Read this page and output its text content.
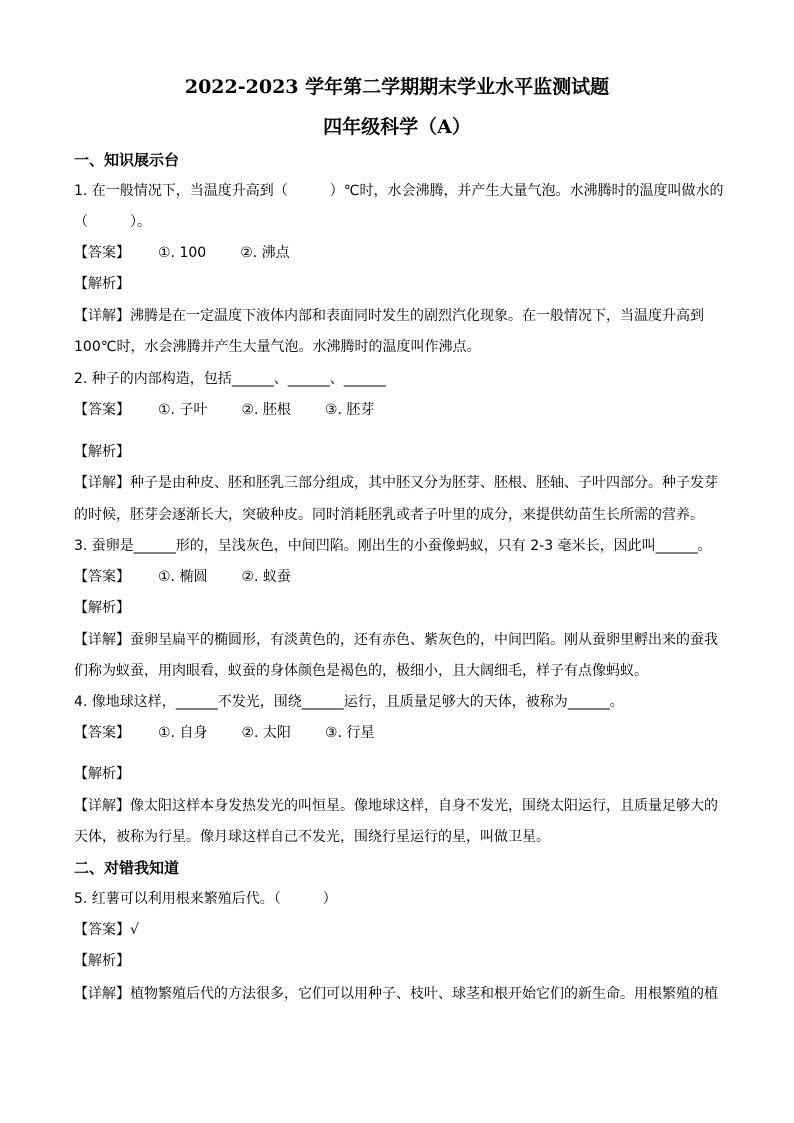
2022-2023 学年第二学期期末学业水平监测试题
四年级科学（A）
一、知识展示台
1. 在一般情况下，当温度升高到（　　　）℃时，水会沸腾，并产生大量气泡。水沸腾时的温度叫做水的
（　　　）。
【答案】	①. 100 ②. 沸点
【解析】
【详解】沸腾是在一定温度下液体内部和表面同时发生的剧烈汽化现象。在一般情况下，当温度升高到
100℃时，水会沸腾并产生大量气泡。水沸腾时的温度叫作沸点。
2. 种子的内部构造，包括______、______、______
【答案】	①. 子叶 ②. 胚根 ③. 胚芽
【解析】
【详解】种子是由种皮、胚和胚乳三部分组成，其中胚又分为胚芽、胚根、胚轴、子叶四部分。种子发芽
的时候，胚芽会逐渐长大，突破种皮。同时消耗胚乳或者子叶里的成分，来提供幼苗生长所需的营养。
3. 蚕卵是______形的，呈浅灰色，中间凹陷。刚出生的小蚕像蚂蚁，只有 2-3 毫米长，因此叫______。
【答案】	①. 椭圆 ②. 蚁蚕
【解析】
【详解】蚕卵呈扁平的椭圆形，有淡黄色的，还有赤色、紫灰色的，中间凹陷。刚从蚕卵里孵出来的蚕我
们称为蚁蚕，用肉眼看，蚁蚕的身体颜色是褐色的，极细小，且大阔细毛，样子有点像蚂蚁。
4. 像地球这样，______不发光，围绕______运行，且质量足够大的天体，被称为______。
【答案】	①. 自身 ②. 太阳 ③. 行星
【解析】
【详解】像太阳这样本身发热发光的叫恒星。像地球这样，自身不发光，围绕太阳运行，且质量足够大的
天体，被称为行星。像月球这样自己不发光，围绕行星运行的星，叫做卫星。
二、对错我知道
5. 红薯可以利用根来繁殖后代。（　　　）
【答案】 √
【解析】
【详解】植物繁殖后代的方法很多，它们可以用种子、枝叶、球茎和根开始它们的新生命。用根繁殖的植
